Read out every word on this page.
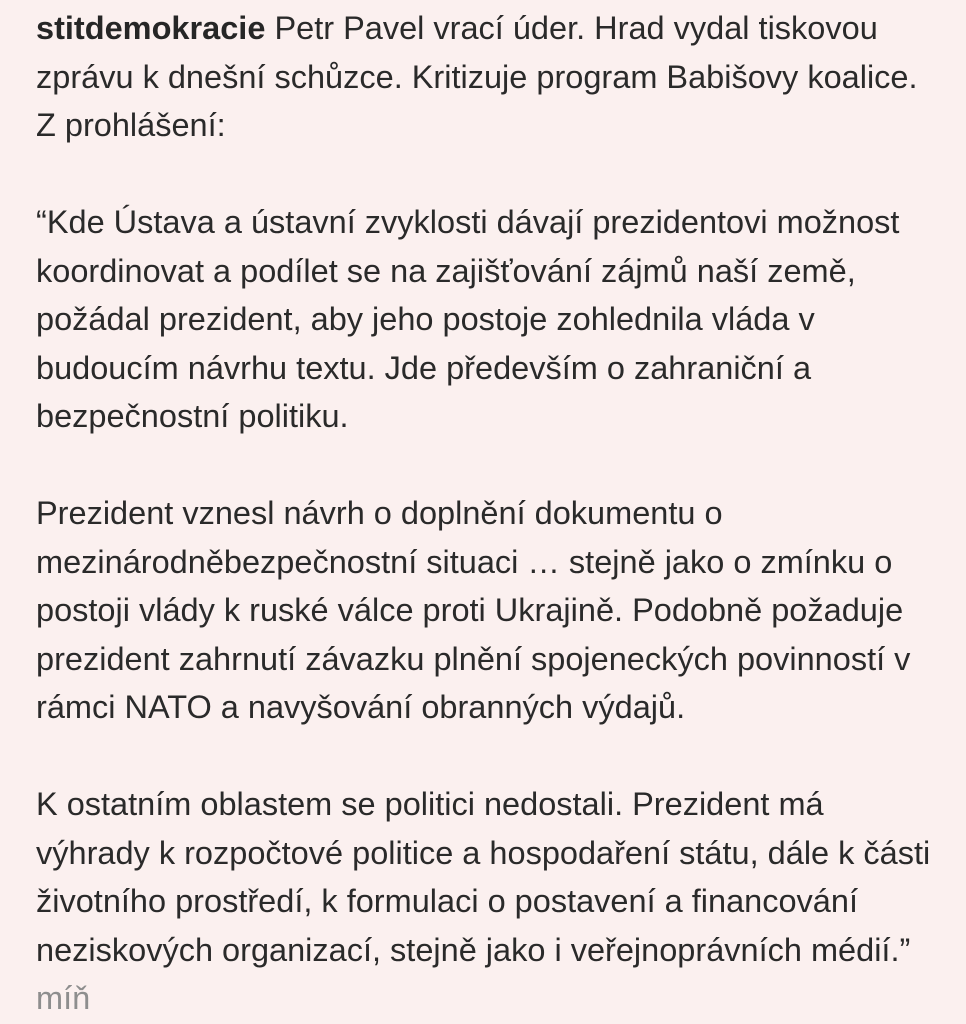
stitdemokracie Petr Pavel vrací úder. Hrad vydal tiskovou zprávu k dnešní schůzce. Kritizuje program Babišovy koalice. Z prohlášení:

“Kde Ústava a ústavní zvyklosti dávají prezidentovi možnost koordinovat a podílet se na zajišťování zájmů naší země, požádal prezident, aby jeho postoje zohlednila vláda v budoucím návrhu textu. Jde především o zahraniční a bezpečnostní politiku.

Prezident vznesl návrh o doplnění dokumentu o mezinárodněbezpečnostní situaci … stejně jako o zmínku o postoji vlády k ruské válce proti Ukrajině. Podobně požaduje prezident zahrnutí závazku plnění spojeneckých povinností v rámci NATO a navyšování obranných výdajů.

K ostatním oblastem se politici nedostali. Prezident má výhrady k rozpočtové politice a hospodaření státu, dále k části životního prostředí, k formulaci o postavení a financování neziskových organizací, stejně jako i veřejnoprávních médií.” míň
